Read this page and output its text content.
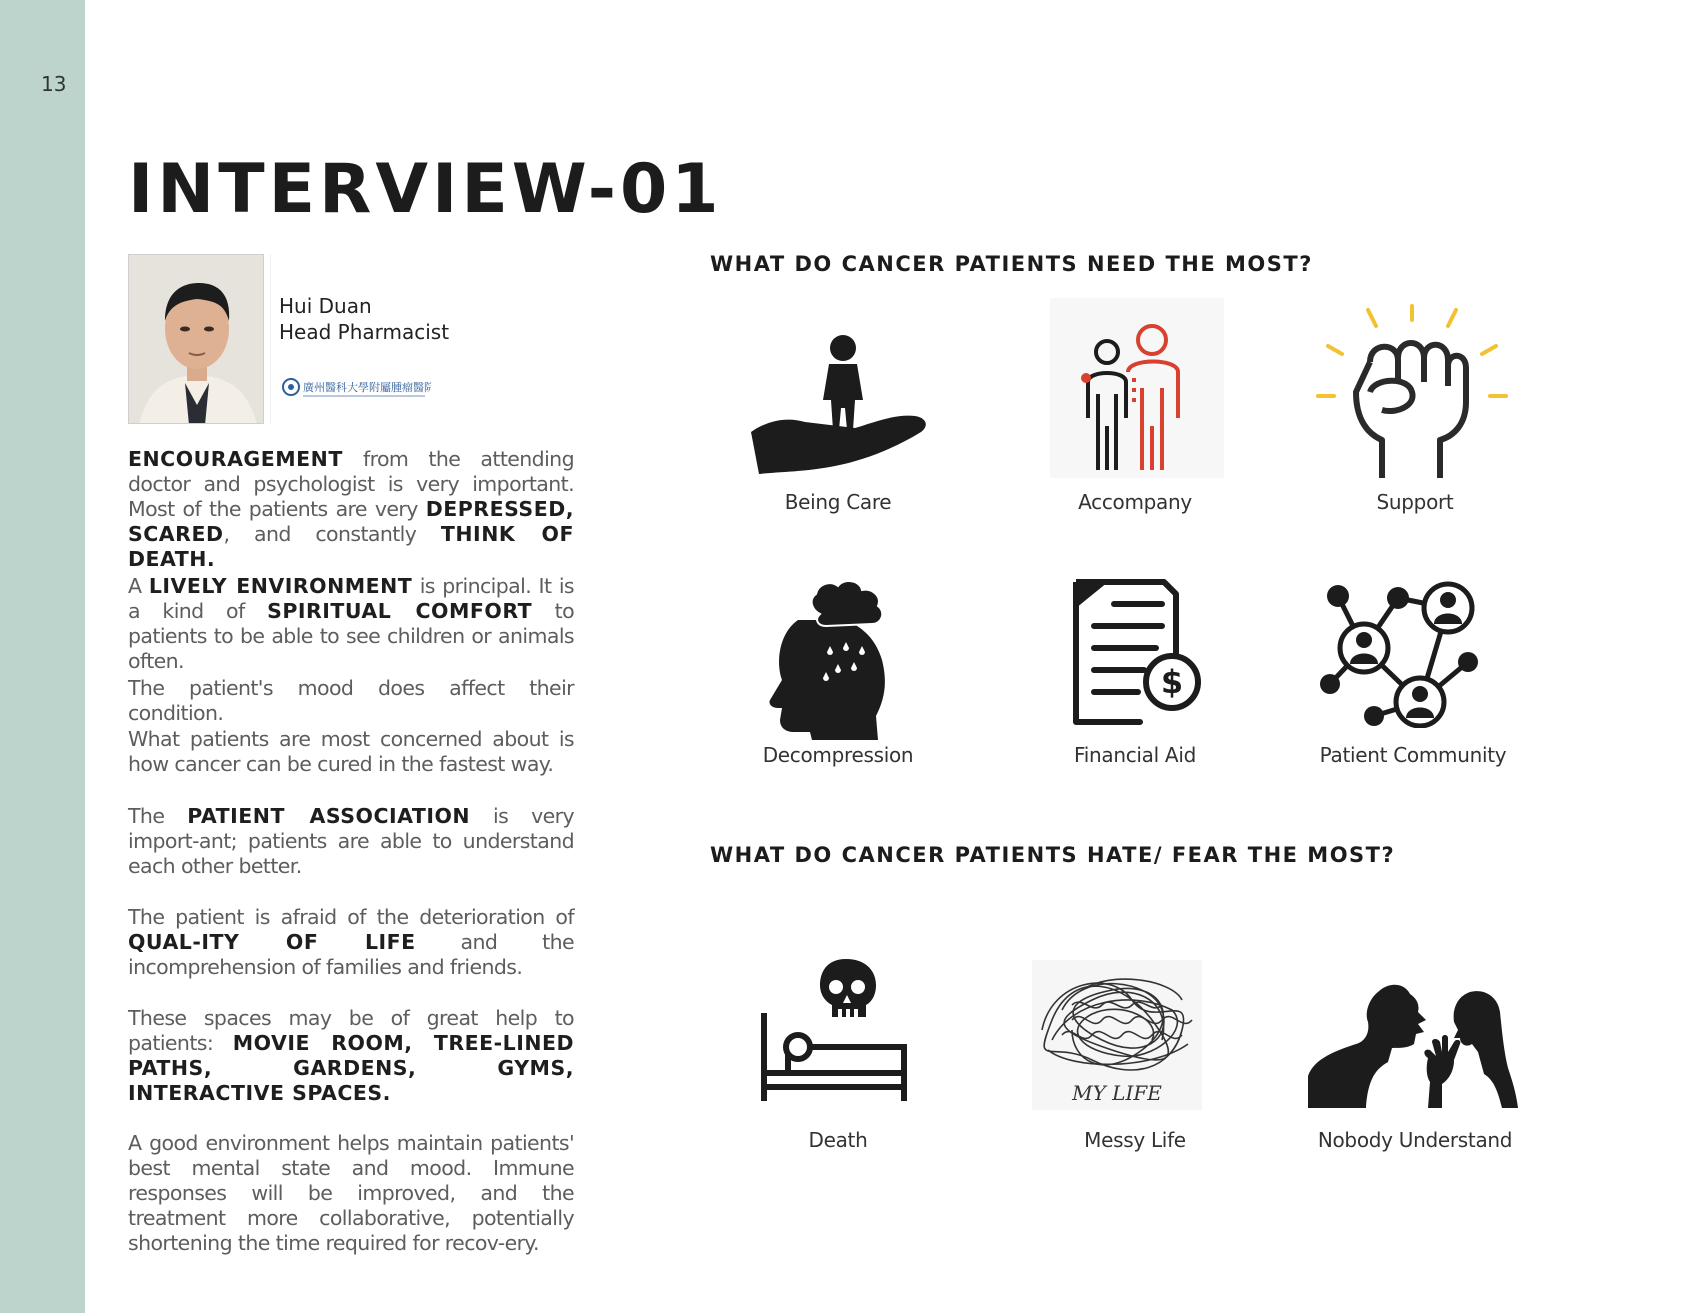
13
INTERVIEW-01
Hui Duan
Head Pharmacist
廣州醫科大學附屬腫瘤醫院
ENCOURAGEMENT from the attending doctor and psychologist is very important. Most of the patients are very DEPRESSED, SCARED, and constantly THINK OF DEATH.
A LIVELY ENVIRONMENT is principal. It is a kind of SPIRITUAL COMFORT to patients to be able to see children or animals often.
The patient's mood does affect their condition.
What patients are most concerned about is how cancer can be cured in the fastest way.
The PATIENT ASSOCIATION is very import-ant; patients are able to understand each other better.
The patient is afraid of the deterioration of QUAL-ITY OF LIFE and the incomprehension of families and friends.
These spaces may be of great help to patients: MOVIE ROOM, TREE-LINED PATHS, GARDENS, GYMS, INTERACTIVE SPACES.
A good environment helps maintain patients' best mental state and mood. Immune responses will be improved, and the treatment more collaborative, potentially shortening the time required for recov-ery.
WHAT DO CANCER PATIENTS NEED THE MOST?
Being Care	Accompany	Support
Decompression
$
Financial Aid	Patient Community
WHAT DO CANCER PATIENTS HATE/ FEAR THE MOST?
Death
MY LIFE
Messy Life	Nobody Understand
